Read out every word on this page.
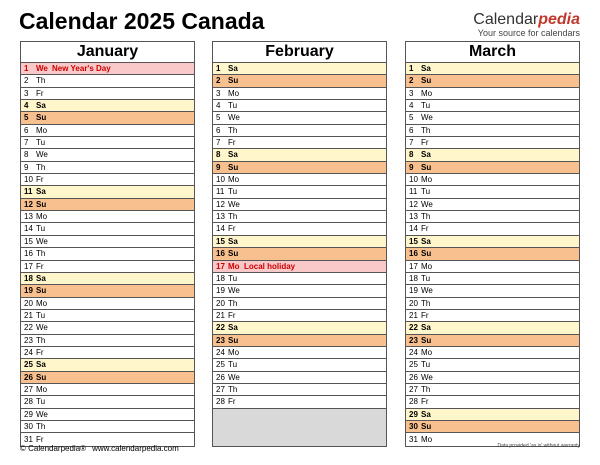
Calendar 2025 Canada	Calendarpedia
Your source for calendars
January
1 We New Year's Day
2 Th
3 Fr
4 Sa
5 Su
6 Mo
7 Tu
8 We
9 Th
10 Fr
11 Sa
12 Su
13 Mo
14 Tu
15 We
16 Th
17 Fr
18 Sa
19 Su
20 Mo
21 Tu
22 We
23 Th
24 Fr
25 Sa
26 Su
27 Mo
28 Tu
29 We
30 Th
31 Fr
February
1 Sa
2 Su
3 Mo
4 Tu
5 We
6 Th
7 Fr
8 Sa
9 Su
10 Mo
11 Tu
12 We
13 Th
14 Fr
15 Sa
16 Su
17 Mo Local holiday
18 Tu
19 We
20 Th
21 Fr
22 Sa
23 Su
24 Mo
25 Tu
26 We
27 Th
28 Fr
March
1 Sa
2 Su
3 Mo
4 Tu
5 We
6 Th
7 Fr
8 Sa
9 Su
10 Mo
11 Tu
12 We
13 Th
14 Fr
15 Sa
16 Su
17 Mo
18 Tu
19 We
20 Th
21 Fr
22 Sa
23 Su
24 Mo
25 Tu
26 We
27 Th
28 Fr
29 Sa
30 Su
31 Mo
© Calendarpedia® www.calendarpedia.com	Data provided 'as is' without warranty
